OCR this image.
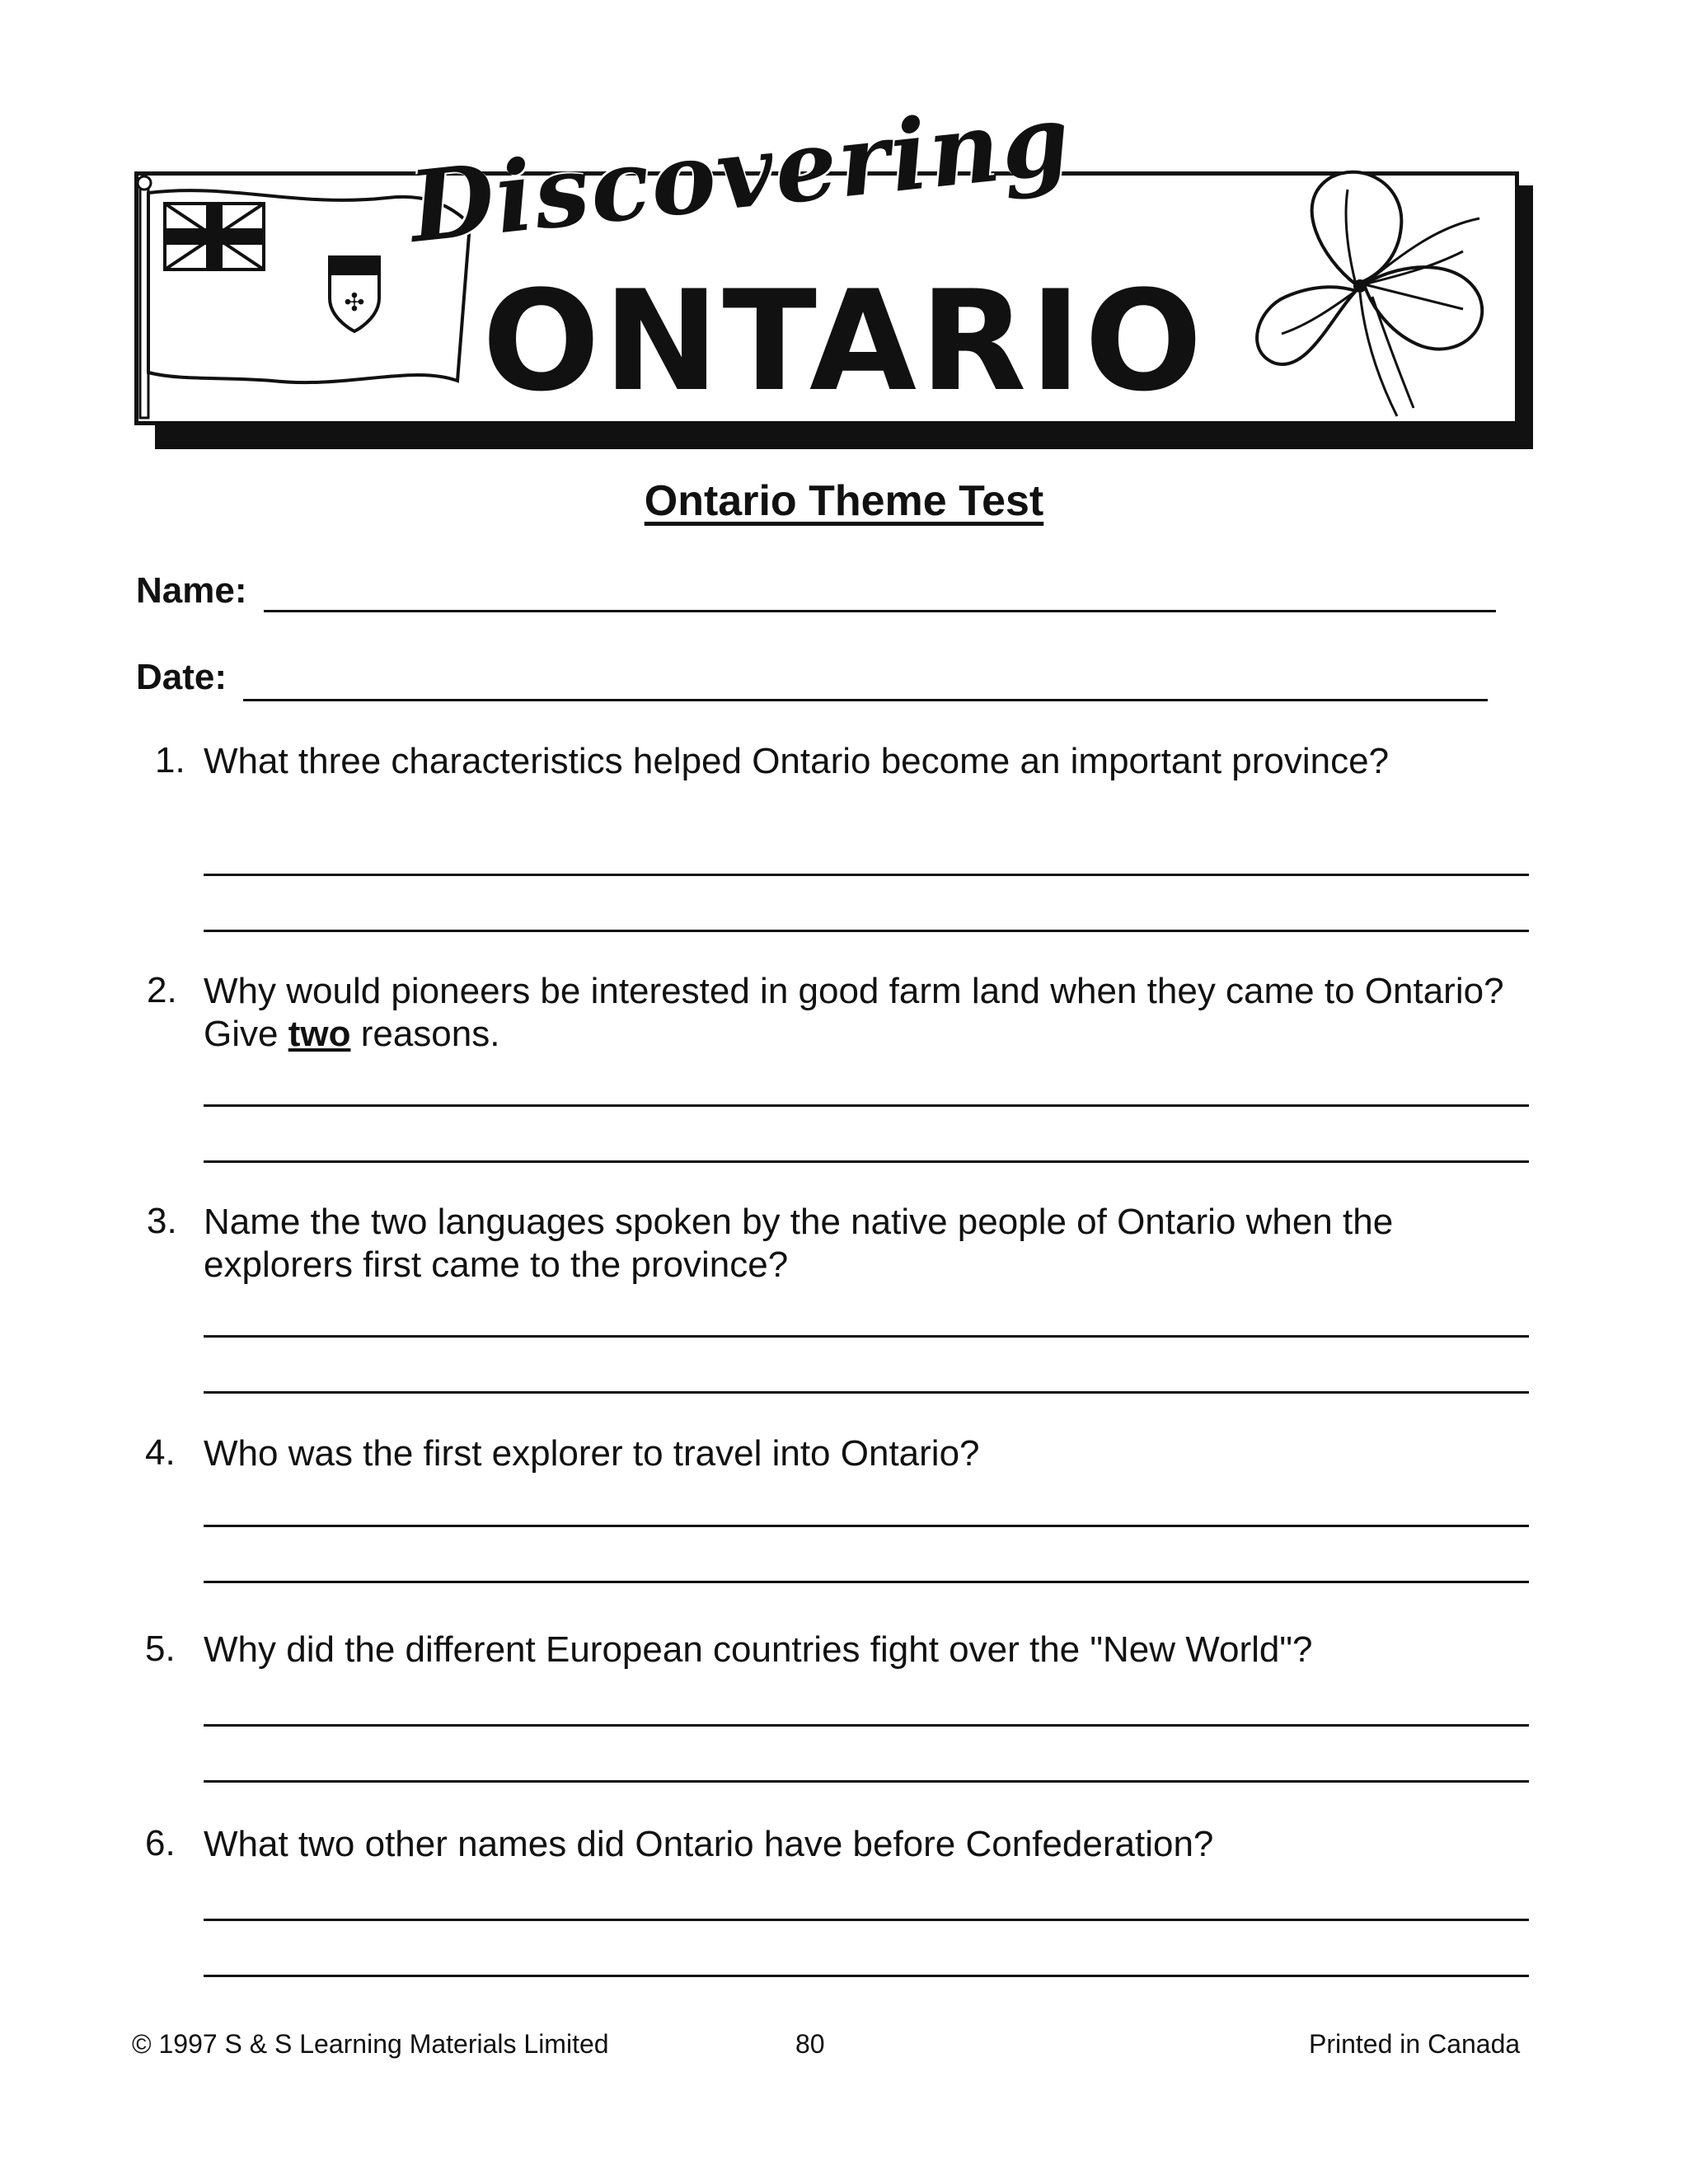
✣
Discovering
ONTARIO
Ontario Theme Test
Name:
Date:
1. What three characteristics helped Ontario become an important province?
2. Why would pioneers be interested in good farm land when they came to Ontario? Give two reasons.
3. Name the two languages spoken by the native people of Ontario when the explorers first came to the province?
4. Who was the first explorer to travel into Ontario?
5. Why did the different European countries fight over the "New World"?
6. What two other names did Ontario have before Confederation?
© 1997 S & S Learning Materials Limited	80	Printed in Canada
